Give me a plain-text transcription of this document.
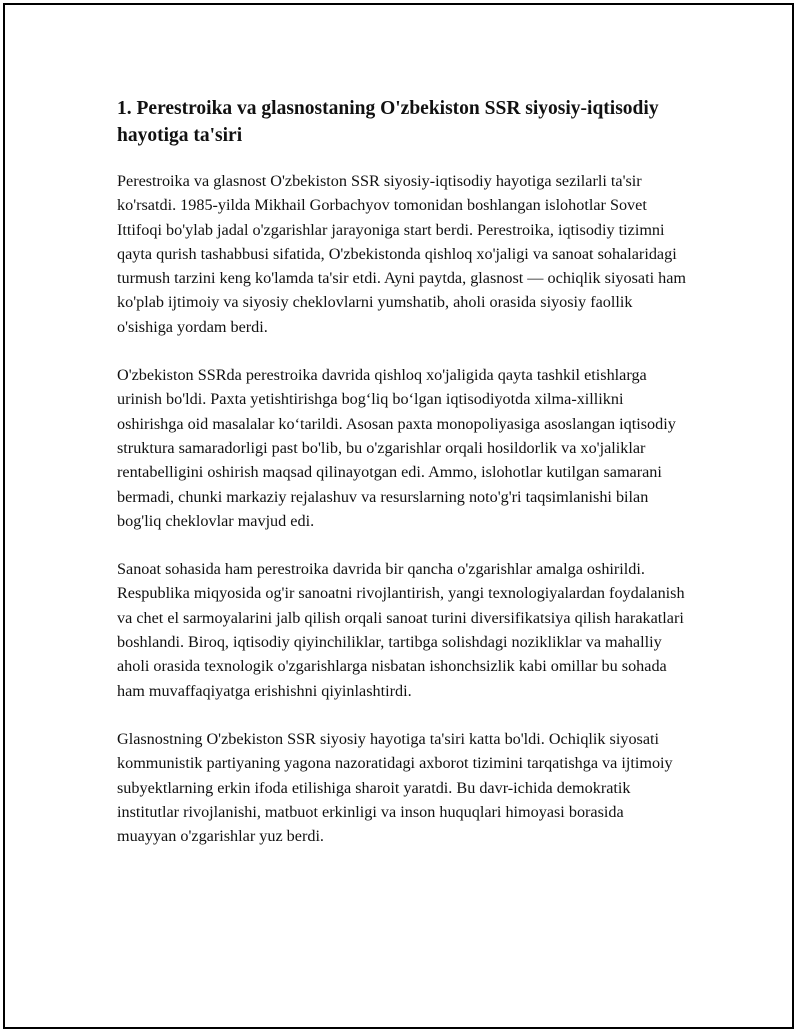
1. Perestroika va glasnostaning O'zbekiston SSR siyosiy-iqtisodiy hayotiga ta'siri

Perestroika va glasnost O'zbekiston SSR siyosiy-iqtisodiy hayotiga sezilarli ta'sir ko'rsatdi. 1985-yilda Mikhail Gorbachyov tomonidan boshlangan islohotlar Sovet Ittifoqi bo'ylab jadal o'zgarishlar jarayoniga start berdi. Perestroika, iqtisodiy tizimni qayta qurish tashabbusi sifatida, O'zbekistonda qishloq xo'jaligi va sanoat sohalaridagi turmush tarzini keng ko'lamda ta'sir etdi. Ayni paytda, glasnost — ochiqlik siyosati ham ko'plab ijtimoiy va siyosiy cheklovlarni yumshatib, aholi orasida siyosiy faollik o'sishiga yordam berdi.

O'zbekiston SSRda perestroika davrida qishloq xo'jaligida qayta tashkil etishlarga urinish bo'ldi. Paxta yetishtirishga bog‘liq bo‘lgan iqtisodiyotda xilma-xillikni oshirishga oid masalalar ko‘tarildi. Asosan paxta monopoliyasiga asoslangan iqtisodiy struktura samaradorligi past bo'lib, bu o'zgarishlar orqali hosildorlik va xo'jaliklar rentabelligini oshirish maqsad qilinayotgan edi. Ammo, islohotlar kutilgan samarani bermadi, chunki markaziy rejalashuv va resurslarning noto'g'ri taqsimlanishi bilan bog'liq cheklovlar mavjud edi.

Sanoat sohasida ham perestroika davrida bir qancha o'zgarishlar amalga oshirildi. Respublika miqyosida og'ir sanoatni rivojlantirish, yangi texnologiyalardan foydalanish va chet el sarmoyalarini jalb qilish orqali sanoat turini diversifikatsiya qilish harakatlari boshlandi. Biroq, iqtisodiy qiyinchiliklar, tartibga solishdagi nozikliklar va mahalliy aholi orasida texnologik o'zgarishlarga nisbatan ishonchsizlik kabi omillar bu sohada ham muvaffaqiyatga erishishni qiyinlashtirdi.

Glasnostning O'zbekiston SSR siyosiy hayotiga ta'siri katta bo'ldi. Ochiqlik siyosati kommunistik partiyaning yagona nazoratidagi axborot tizimini tarqatishga va ijtimoiy subyektlarning erkin ifoda etilishiga sharoit yaratdi. Bu davr-ichida demokratik institutlar rivojlanishi, matbuot erkinligi va inson huquqlari himoyasi borasida muayyan o'zgarishlar yuz berdi.
